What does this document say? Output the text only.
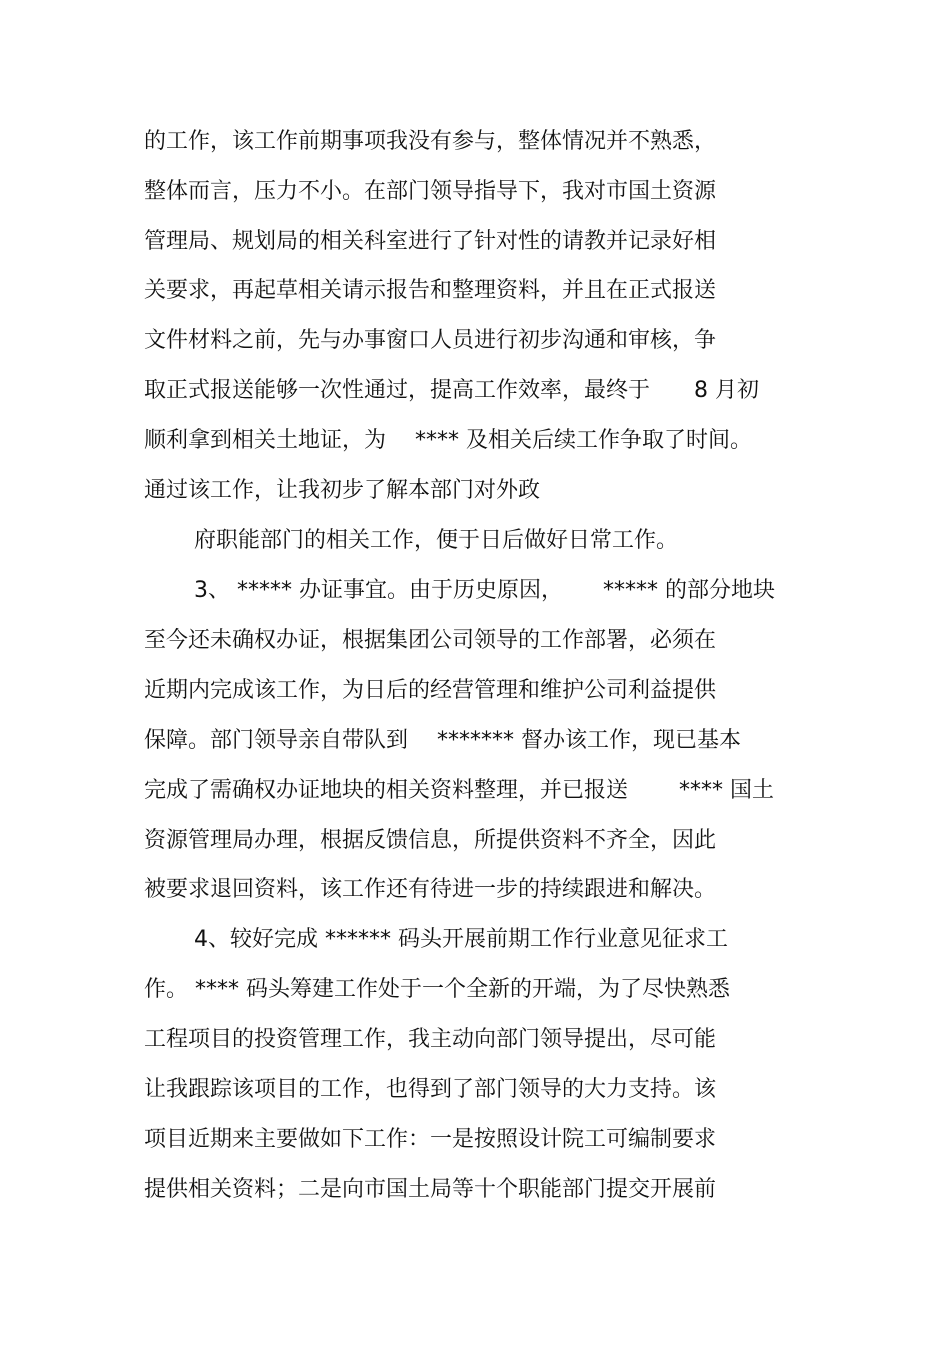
的工作，该工作前期事项我没有参与，整体情况并不熟悉，
整体而言，压力不小。在部门领导指导下，我对市国土资源
管理局、规划局的相关科室进行了针对性的请教并记录好相
关要求，再起草相关请示报告和整理资料，并且在正式报送
文件材料之前，先与办事窗口人员进行初步沟通和审核，争
取正式报送能够一次性通过，提高工作效率，最终于　　8 月初
顺利拿到相关土地证，为　 **** 及相关后续工作争取了时间。
通过该工作，让我初步了解本部门对外政
府职能部门的相关工作，便于日后做好日常工作。
3、 ***** 办证事宜。由于历史原因，　　 ***** 的部分地块
至今还未确权办证，根据集团公司领导的工作部署，必须在
近期内完成该工作，为日后的经营管理和维护公司利益提供
保障。部门领导亲自带队到　 ******* 督办该工作，现已基本
完成了需确权办证地块的相关资料整理，并已报送　　 **** 国土
资源管理局办理，根据反馈信息，所提供资料不齐全，因此
被要求退回资料，该工作还有待进一步的持续跟进和解决。
4、较好完成 ****** 码头开展前期工作行业意见征求工
作。 **** 码头筹建工作处于一个全新的开端，为了尽快熟悉
工程项目的投资管理工作，我主动向部门领导提出，尽可能
让我跟踪该项目的工作，也得到了部门领导的大力支持。该
项目近期来主要做如下工作：一是按照设计院工可编制要求
提供相关资料；二是向市国土局等十个职能部门提交开展前
